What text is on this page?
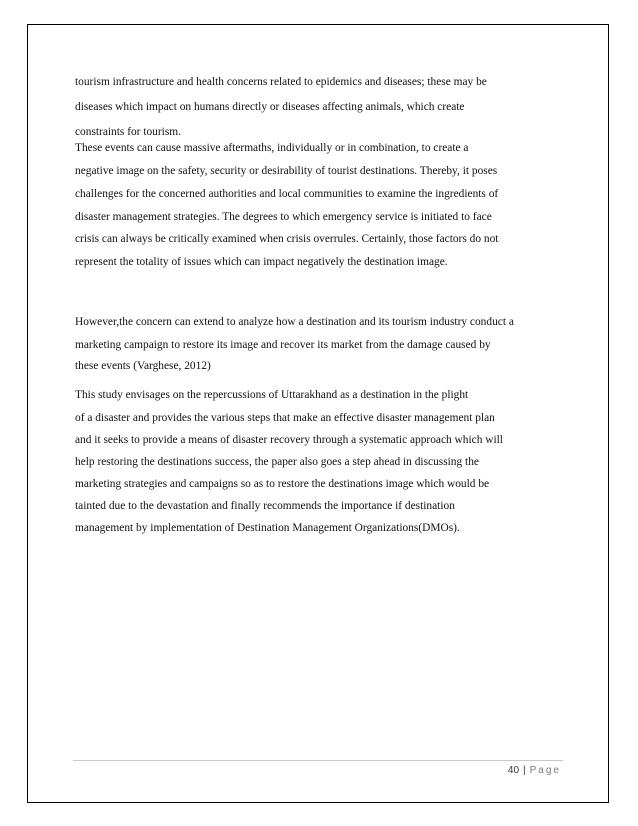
tourism infrastructure and health concerns related to epidemics and diseases; these may be
diseases which impact on humans directly or diseases affecting animals, which create
constraints for tourism.
These events can cause massive aftermaths, individually or in combination, to create a
negative image on the safety, security or desirability of tourist destinations. Thereby, it poses
challenges for the concerned authorities and local communities to examine the ingredients of
disaster management strategies. The degrees to which emergency service is initiated to face
crisis can always be critically examined when crisis overrules. Certainly, those factors do not
represent the totality of issues which can impact negatively the destination image.
However,the concern can extend to analyze how a destination and its tourism industry conduct a
marketing campaign to restore its image and recover its market from the damage caused by
these events (Varghese, 2012)
This study envisages on the repercussions of Uttarakhand as a destination in the plight
of a disaster and provides the various steps that make an effective disaster management plan
and it seeks to provide a means of disaster recovery through a systematic approach which will
help restoring the destinations success, the paper also goes a step ahead in discussing the
marketing strategies and campaigns so as to restore the destinations image which would be
tainted due to the devastation and finally recommends the importance if destination
management by implementation of Destination Management Organizations(DMOs).
40 | Page
